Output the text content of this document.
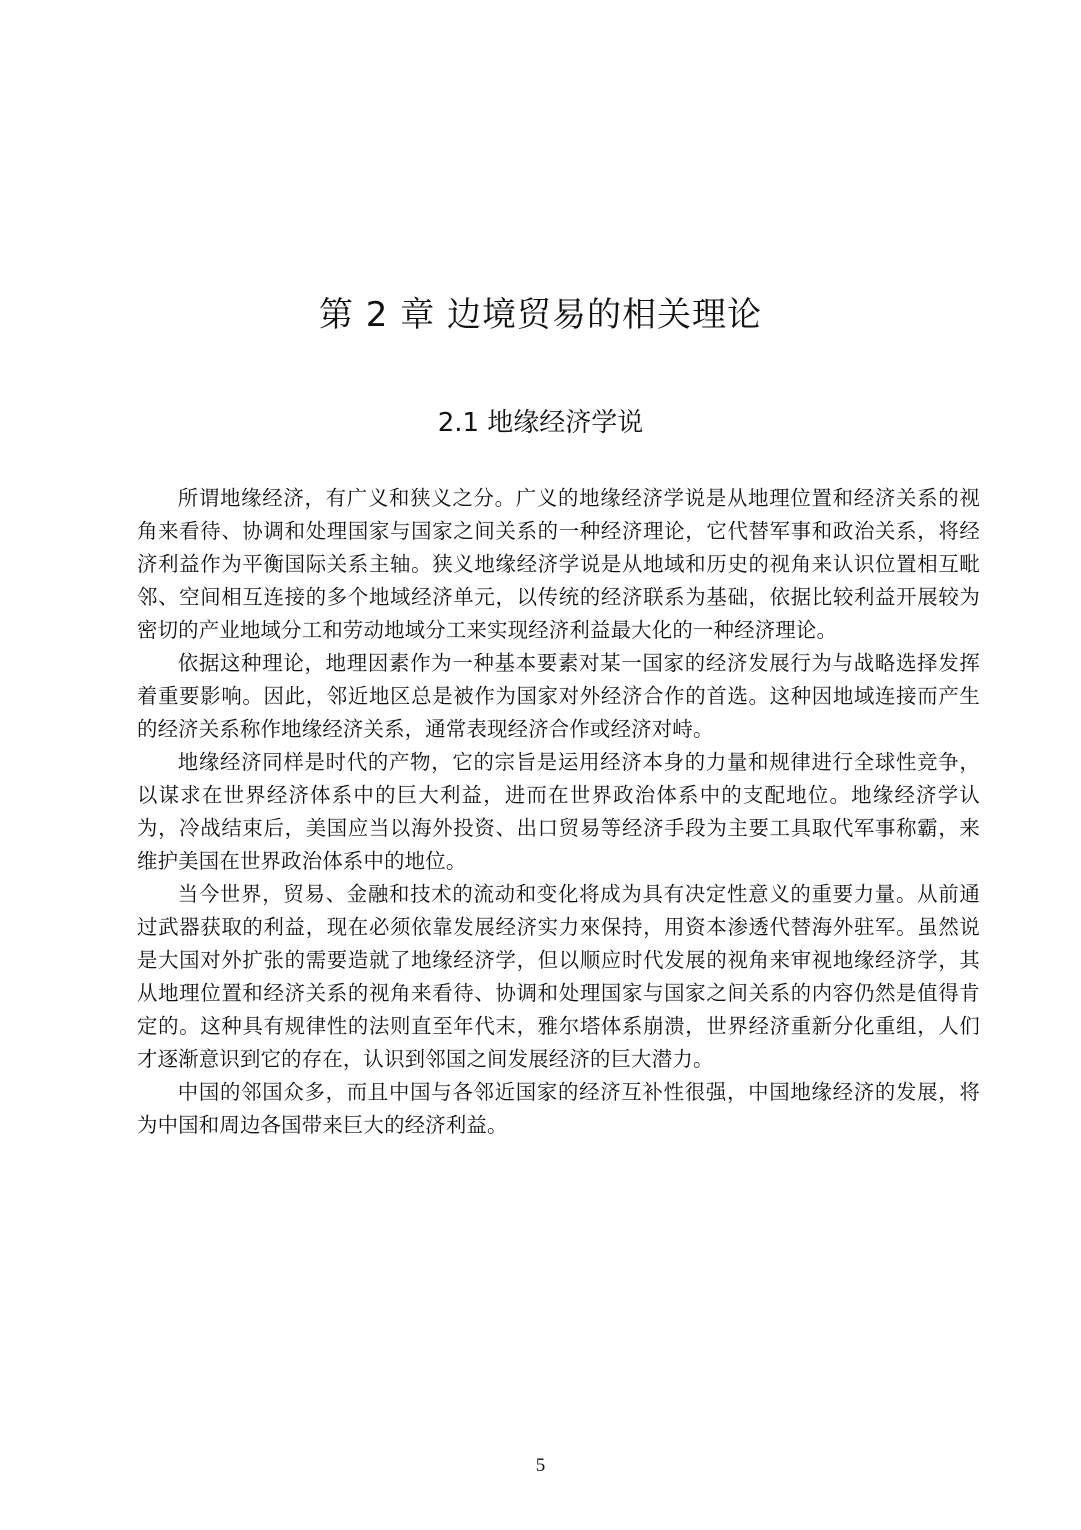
第 2 章 边境贸易的相关理论
2.1 地缘经济学说

所谓地缘经济，有广义和狭义之分。广义的地缘经济学说是从地理位置和经济关系的视角来看待、协调和处理国家与国家之间关系的一种经济理论，它代替军事和政治关系，将经济利益作为平衡国际关系主轴。狭义地缘经济学说是从地域和历史的视角来认识位置相互毗邻、空间相互连接的多个地域经济单元，以传统的经济联系为基础，依据比较利益开展较为密切的产业地域分工和劳动地域分工来实现经济利益最大化的一种经济理论。

依据这种理论，地理因素作为一种基本要素对某一国家的经济发展行为与战略选择发挥着重要影响。因此，邻近地区总是被作为国家对外经济合作的首选。这种因地域连接而产生的经济关系称作地缘经济关系，通常表现经济合作或经济对峙。

地缘经济同样是时代的产物，它的宗旨是运用经济本身的力量和规律进行全球性竞争，以谋求在世界经济体系中的巨大利益，进而在世界政治体系中的支配地位。地缘经济学认为，冷战结束后，美国应当以海外投资、出口贸易等经济手段为主要工具取代军事称霸，来维护美国在世界政治体系中的地位。

当今世界，贸易、金融和技术的流动和变化将成为具有决定性意义的重要力量。从前通过武器获取的利益，现在必须依靠发展经济实力來保持，用资本渗透代替海外驻军。虽然说是大国对外扩张的需要造就了地缘经济学，但以顺应时代发展的视角来审视地缘经济学，其从地理位置和经济关系的视角来看待、协调和处理国家与国家之间关系的内容仍然是值得肯定的。这种具有规律性的法则直至年代末，雅尔塔体系崩溃，世界经济重新分化重组，人们才逐渐意识到它的存在，认识到邻国之间发展经济的巨大潜力。

中国的邻国众多，而且中国与各邻近国家的经济互补性很强，中国地缘经济的发展，将为中国和周边各国带来巨大的经济利益。

5
